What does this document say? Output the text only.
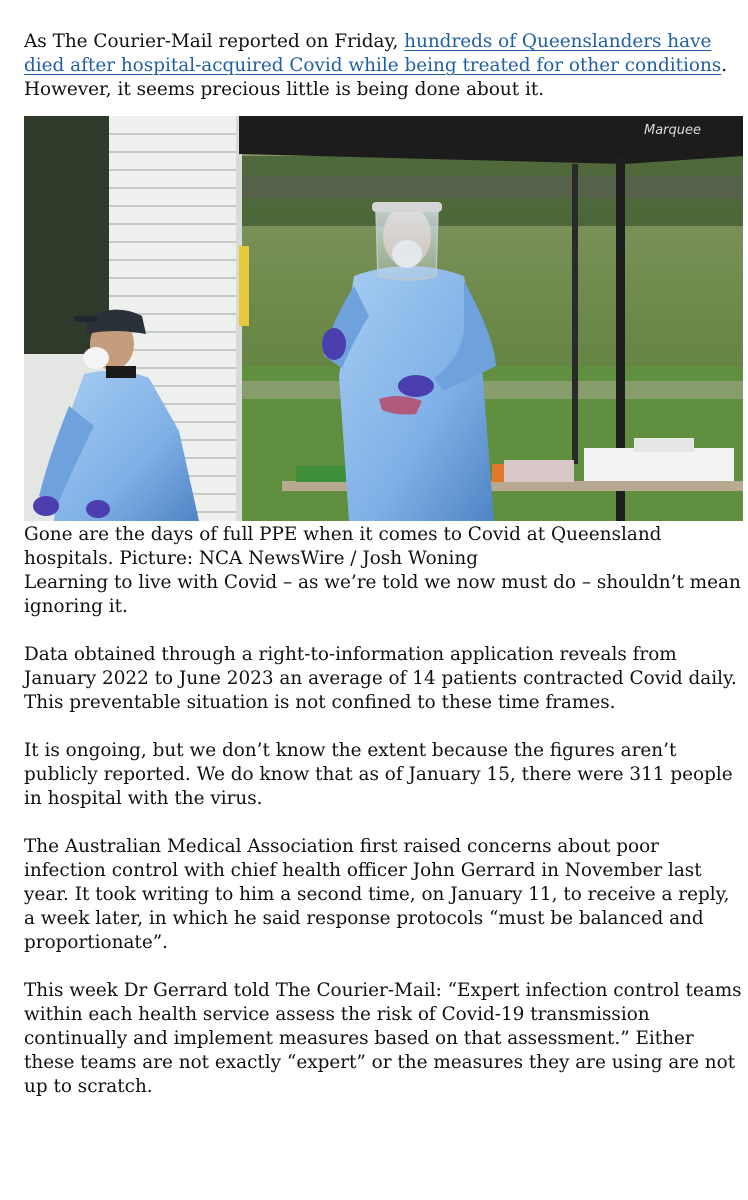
As The Courier-Mail reported on Friday, hundreds of Queenslanders have died after hospital-acquired Covid while being treated for other conditions.
However, it seems precious little is being done about it.

Marquee

Gone are the days of full PPE when it comes to Covid at Queensland hospitals. Picture: NCA NewsWire / Josh Woning

Learning to live with Covid – as we’re told we now must do – shouldn’t mean ignoring it.

Data obtained through a right-to-information application reveals from January 2022 to June 2023 an average of 14 patients contracted Covid daily. This preventable situation is not confined to these time frames.

It is ongoing, but we don’t know the extent because the figures aren’t publicly reported. We do know that as of January 15, there were 311 people in hospital with the virus.

The Australian Medical Association first raised concerns about poor infection control with chief health officer John Gerrard in November last year. It took writing to him a second time, on January 11, to receive a reply, a week later, in which he said response protocols “must be balanced and proportionate”.

This week Dr Gerrard told The Courier-Mail: “Expert infection control teams within each health service assess the risk of Covid-19 transmission continually and implement measures based on that assessment.” Either these teams are not exactly “expert” or the measures they are using are not up to scratch.
